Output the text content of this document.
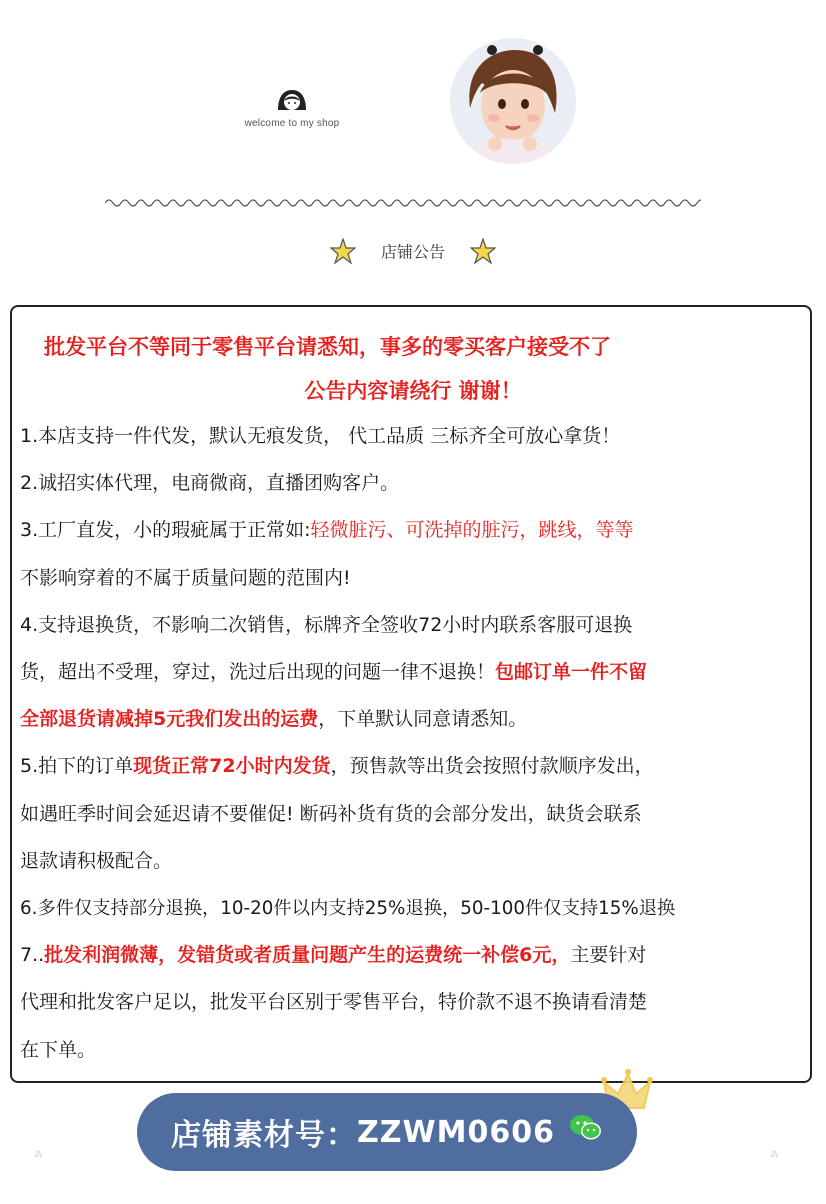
welcome to my shop
店铺公告
批发平台不等同于零售平台请悉知，事多的零买客户接受不了
公告内容请绕行 谢谢！
1.本店支持一件代发，默认无痕发货， 代工品质 三标齐全可放心拿货！
2.诚招实体代理，电商微商，直播团购客户。
3.工厂直发，小的瑕疵属于正常如:轻微脏污、可洗掉的脏污，跳线，等等
不影响穿着的不属于质量问题的范围内!
4.支持退换货，不影响二次销售，标牌齐全签收72小时内联系客服可退换
货，超出不受理，穿过，洗过后出现的问题一律不退换！包邮订单一件不留
全部退货请减掉5元我们发出的运费，下单默认同意请悉知。
5.拍下的订单现货正常72小时内发货，预售款等出货会按照付款顺序发出，
如遇旺季时间会延迟请不要催促! 断码补货有货的会部分发出，缺货会联系
退款请积极配合。
6.多件仅支持部分退换，10-20件以内支持25%退换，50-100件仅支持15%退换
7..批发利润微薄，发错货或者质量问题产生的运费统一补偿6元，主要针对
代理和批发客户足以，批发平台区别于零售平台，特价款不退不换请看清楚
在下单。
店铺素材号： ZZWM0606
⁂	⁂
